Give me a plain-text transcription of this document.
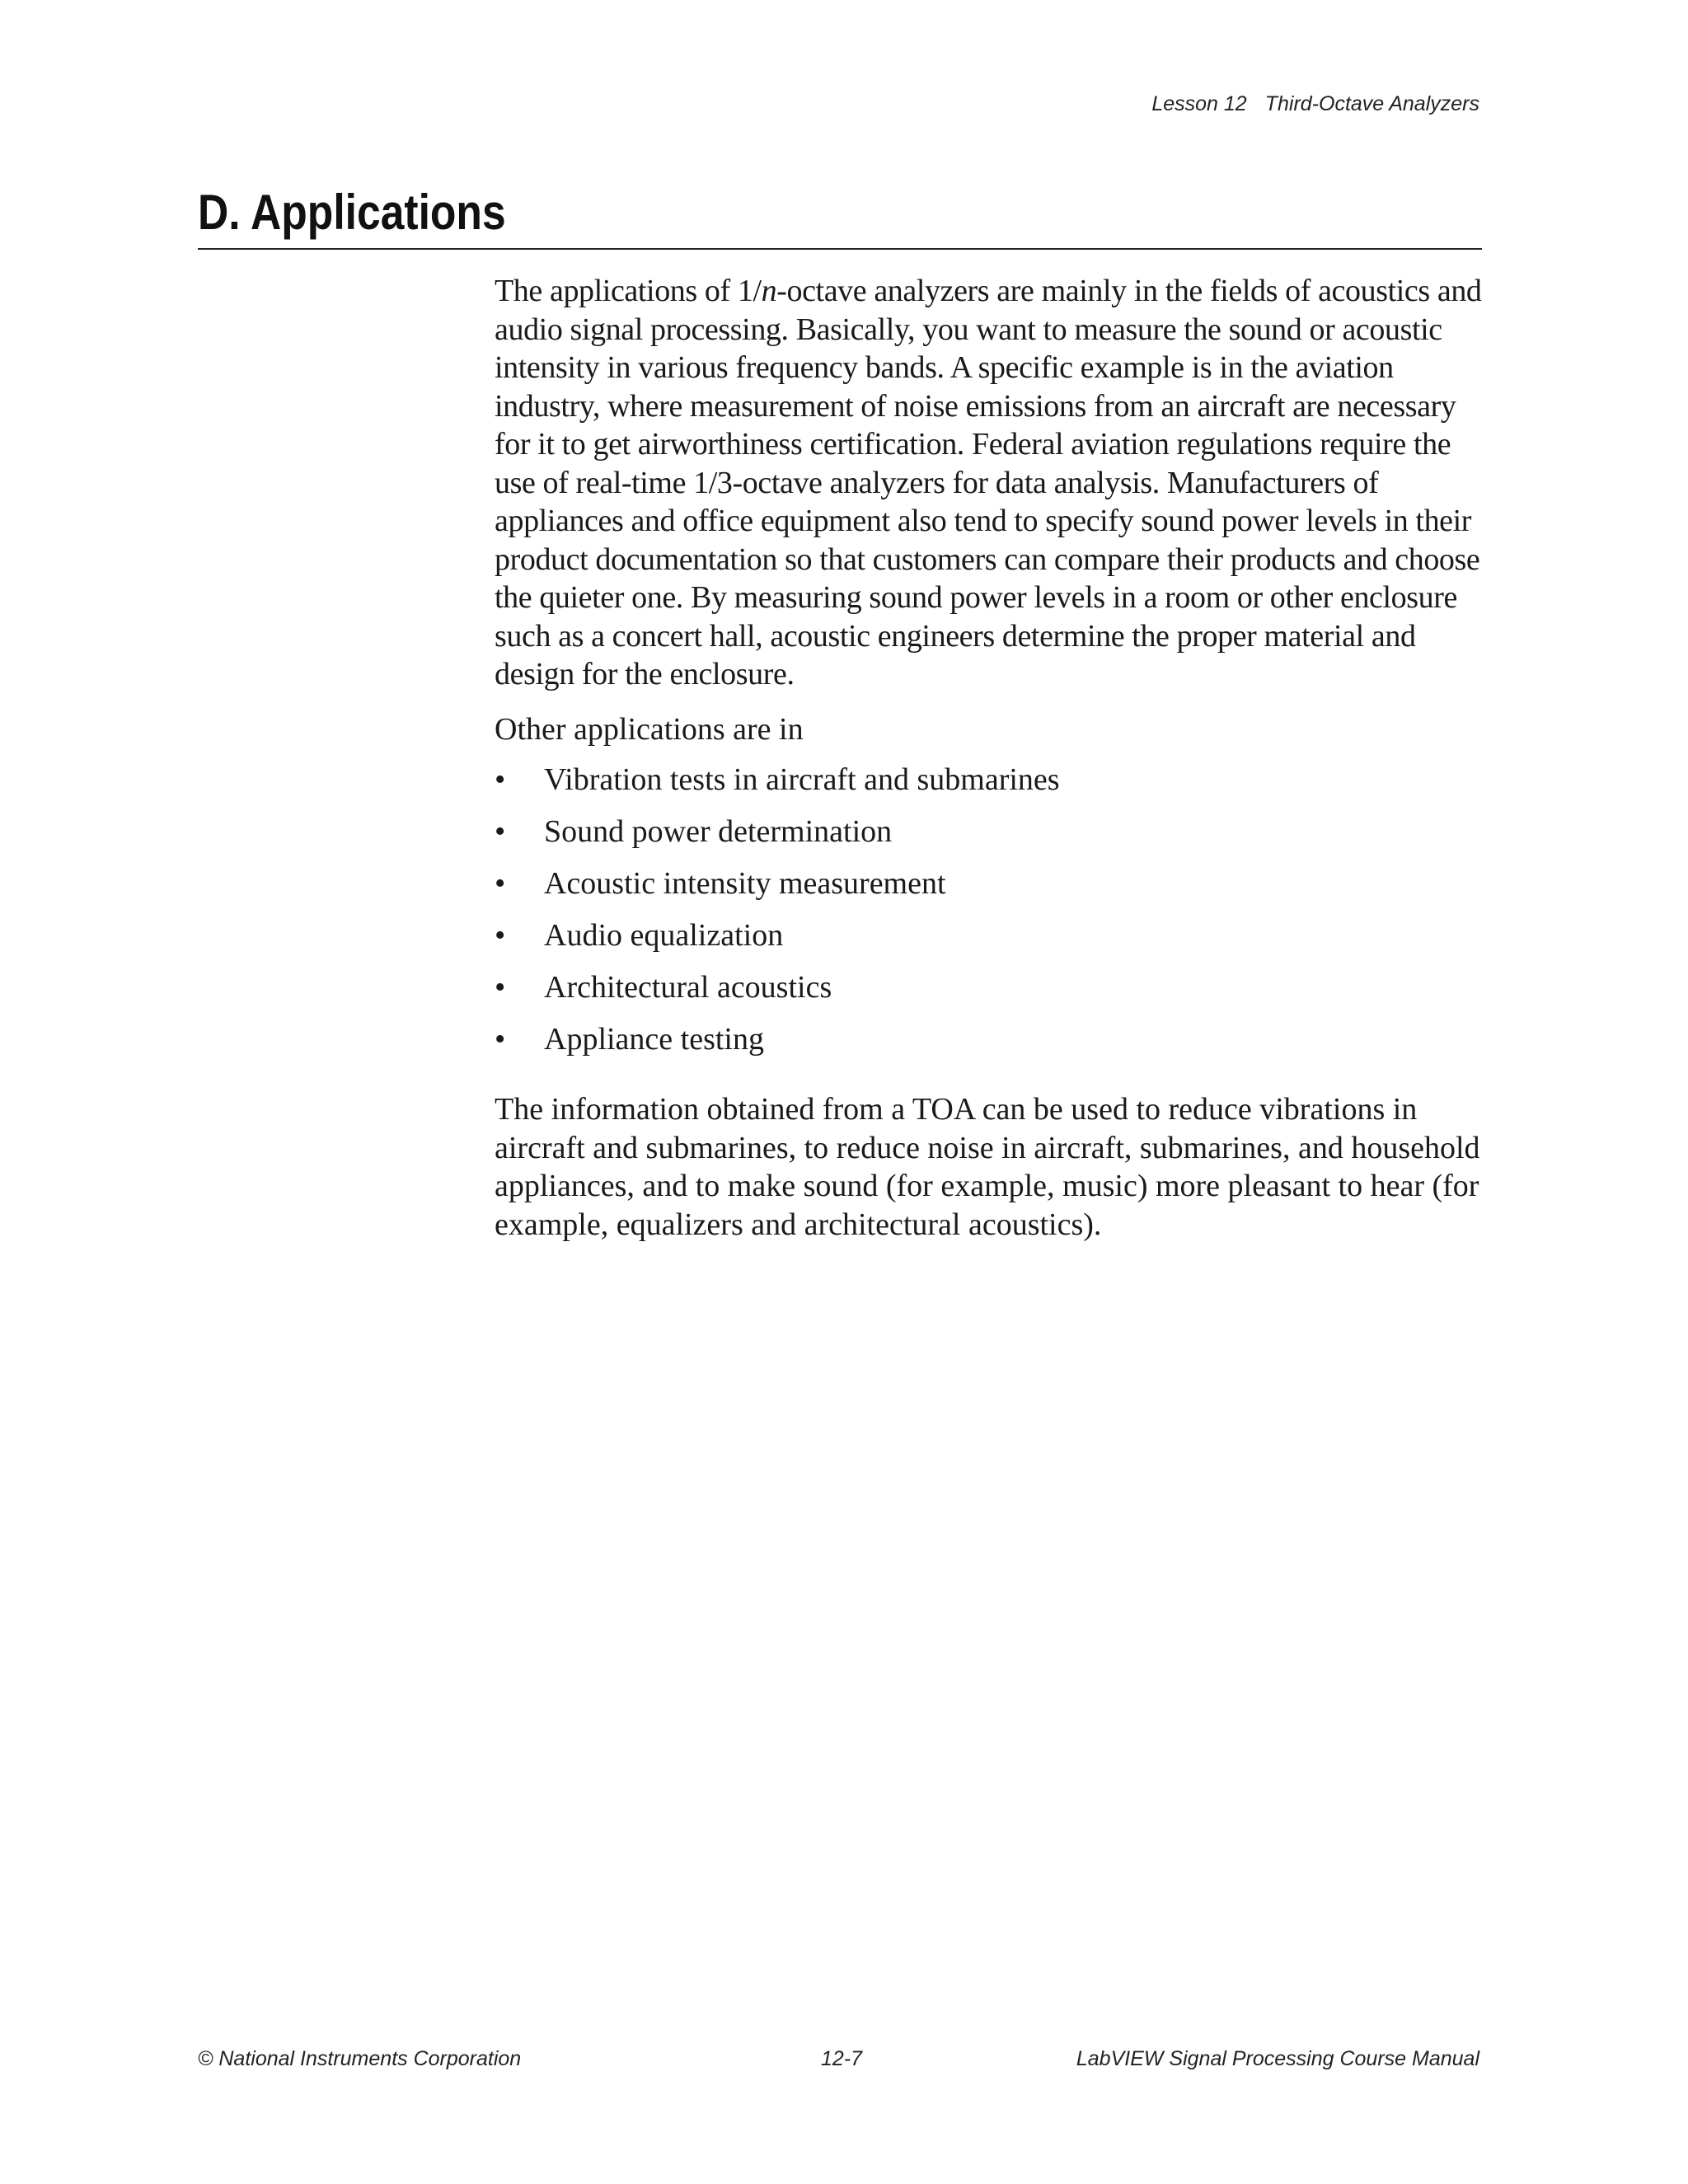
Lesson 12 Third-Octave Analyzers
D. Applications

The applications of 1/n-octave analyzers are mainly in the fields of acoustics and audio signal processing. Basically, you want to measure the sound or acoustic intensity in various frequency bands. A specific example is in the aviation industry, where measurement of noise emissions from an aircraft are necessary for it to get airworthiness certification. Federal aviation regulations require the use of real-time 1/3-octave analyzers for data analysis. Manufacturers of appliances and office equipment also tend to specify sound power levels in their product documentation so that customers can compare their products and choose the quieter one. By measuring sound power levels in a room or other enclosure such as a concert hall, acoustic engineers determine the proper material and design for the enclosure.

Other applications are in

• Vibration tests in aircraft and submarines
• Sound power determination
• Acoustic intensity measurement
• Audio equalization
• Architectural acoustics
• Appliance testing

The information obtained from a TOA can be used to reduce vibrations in aircraft and submarines, to reduce noise in aircraft, submarines, and household appliances, and to make sound (for example, music) more pleasant to hear (for example, equalizers and architectural acoustics).

© National Instruments Corporation	12-7	LabVIEW Signal Processing Course Manual
